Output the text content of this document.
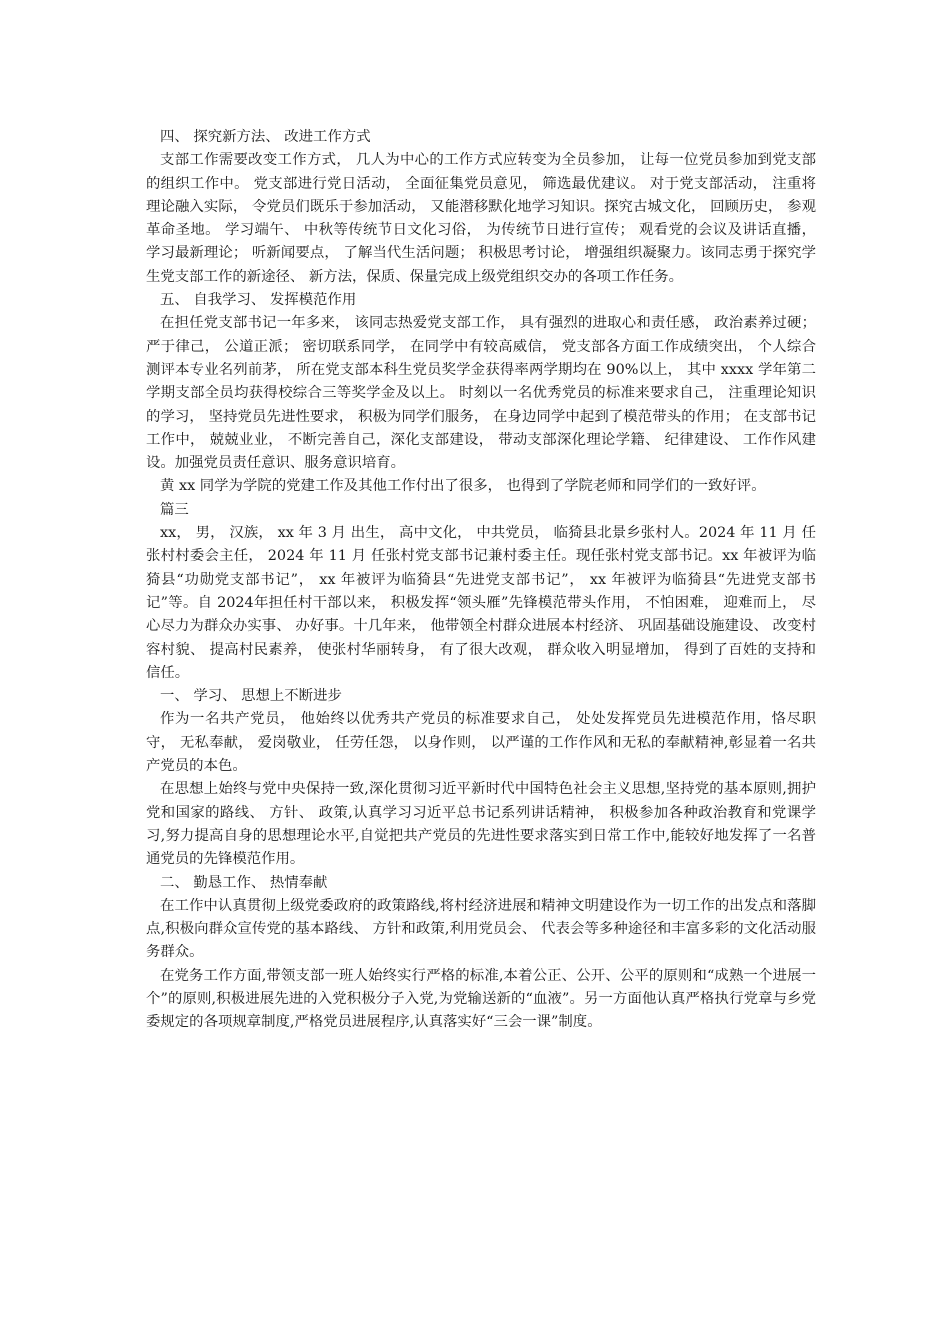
四、 探究新方法、 改进工作方式

支部工作需要改变工作方式， 几人为中心的工作方式应转变为全员参加， 让每一位党员参加到党支部的组织工作中。 党支部进行党日活动， 全面征集党员意见， 筛选最优建议。 对于党支部活动， 注重将理论融入实际， 令党员们既乐于参加活动， 又能潜移默化地学习知识。探究古城文化， 回顾历史， 参观革命圣地。 学习端午、 中秋等传统节日文化习俗， 为传统节日进行宣传； 观看党的会议及讲话直播， 学习最新理论； 听新闻要点， 了解当代生活问题； 积极思考讨论， 增强组织凝聚力。该同志勇于探究学生党支部工作的新途径、 新方法，保质、保量完成上级党组织交办的各项工作任务。

五、 自我学习、 发挥模范作用

在担任党支部书记一年多来， 该同志热爱党支部工作， 具有强烈的进取心和责任感， 政治素养过硬； 严于律己， 公道正派； 密切联系同学， 在同学中有较高威信， 党支部各方面工作成绩突出， 个人综合测评本专业名列前茅， 所在党支部本科生党员奖学金获得率两学期均在 90%以上， 其中 xxxx 学年第二学期支部全员均获得校综合三等奖学金及以上。 时刻以一名优秀党员的标准来要求自己， 注重理论知识的学习， 坚持党员先进性要求， 积极为同学们服务， 在身边同学中起到了模范带头的作用； 在支部书记工作中， 兢兢业业， 不断完善自己，深化支部建设， 带动支部深化理论学籍、 纪律建设、 工作作风建设。加强党员责任意识、服务意识培育。

黄 xx 同学为学院的党建工作及其他工作付出了很多， 也得到了学院老师和同学们的一致好评。

篇三

xx， 男， 汉族， xx 年 3 月 出生， 高中文化， 中共党员， 临猗县北景乡张村人。2024 年 11 月 任张村村委会主任， 2024 年 11 月 任张村党支部书记兼村委主任。现任张村党支部书记。xx 年被评为临猗县“功勋党支部书记”， xx 年被评为临猗县“先进党支部书记”， xx 年被评为临猗县“先进党支部书记”等。自 2024年担任村干部以来， 积极发挥“领头雁”先锋模范带头作用， 不怕困难， 迎难而上， 尽心尽力为群众办实事、 办好事。十几年来， 他带领全村群众进展本村经济、 巩固基础设施建设、 改变村容村貌、 提高村民素养， 使张村华丽转身， 有了很大改观， 群众收入明显增加， 得到了百姓的支持和信任。

一、 学习、 思想上不断进步

作为一名共产党员， 他始终以优秀共产党员的标准要求自己， 处处发挥党员先进模范作用，恪尽职守， 无私奉献， 爱岗敬业， 任劳任怨， 以身作则， 以严谨的工作作风和无私的奉献精神,彰显着一名共产党员的本色。

在思想上始终与党中央保持一致,深化贯彻习近平新时代中国特色社会主义思想,坚持党的基本原则,拥护党和国家的路线、 方针、 政策,认真学习习近平总书记系列讲话精神， 积极参加各种政治教育和党课学习,努力提高自身的思想理论水平,自觉把共产党员的先进性要求落实到日常工作中,能较好地发挥了一名普通党员的先锋模范作用。

二、 勤恳工作、 热情奉献

在工作中认真贯彻上级党委政府的政策路线,将村经济进展和精神文明建设作为一切工作的出发点和落脚点,积极向群众宣传党的基本路线、 方针和政策,利用党员会、 代表会等多种途径和丰富多彩的文化活动服务群众。

在党务工作方面,带领支部一班人始终实行严格的标准,本着公正、公开、公平的原则和“成熟一个进展一个”的原则,积极进展先进的入党积极分子入党,为党输送新的“血液”。另一方面他认真严格执行党章与乡党委规定的各项规章制度,严格党员进展程序,认真落实好“三会一课”制度。
